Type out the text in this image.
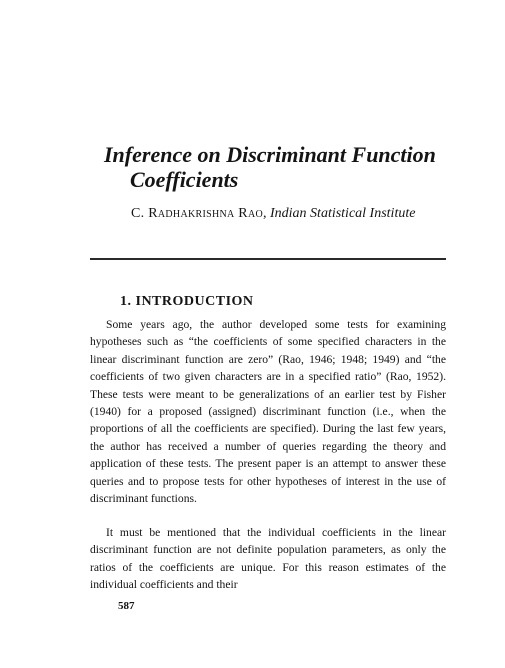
Inference on Discriminant Function
Coefficients

C. Radhakrishna Rao, Indian Statistical Institute

1. INTRODUCTION

Some years ago, the author developed some tests for examining hypotheses such as “the coefficients of some specified characters in the linear discriminant function are zero” (Rao, 1946; 1948; 1949) and “the coefficients of two given characters are in a specified ratio” (Rao, 1952). These tests were meant to be generalizations of an earlier test by Fisher (1940) for a proposed (assigned) discriminant function (i.e., when the proportions of all the coefficients are specified). During the last few years, the author has received a number of queries regarding the theory and application of these tests. The present paper is an attempt to answer these queries and to propose tests for other hypotheses of interest in the use of discriminant functions.

It must be mentioned that the individual coefficients in the linear discriminant function are not definite population parameters, as only the ratios of the coefficients are unique. For this reason estimates of the individual coefficients and their

587
